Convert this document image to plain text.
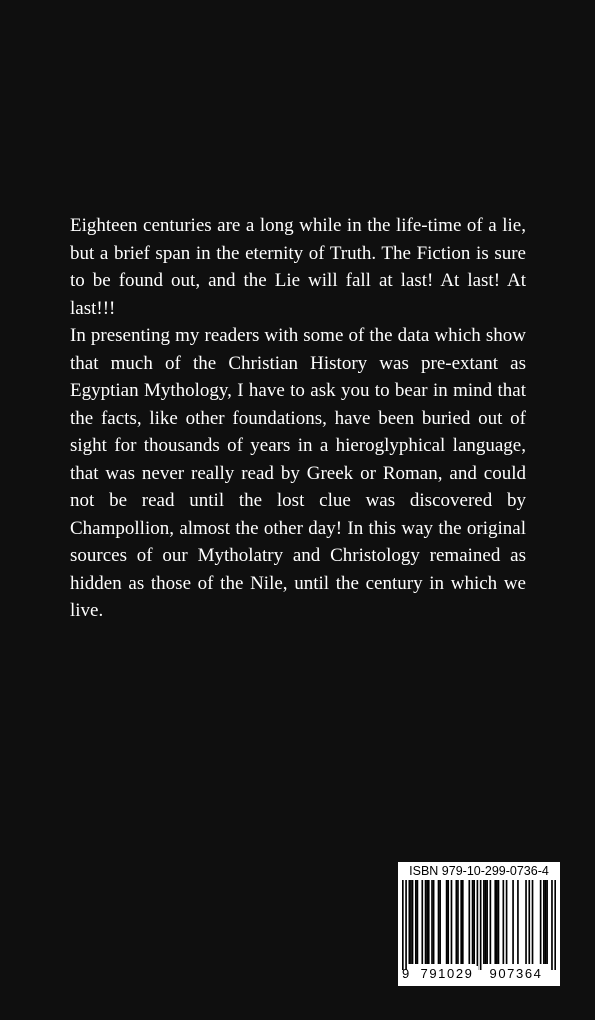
Eighteen centuries are a long while in the life-time of a lie, but a brief span in the eternity of Truth. The Fiction is sure to be found out, and the Lie will fall at last! At last! At last!!!

In presenting my readers with some of the data which show that much of the Christian History was pre-extant as Egyptian Mythology, I have to ask you to bear in mind that the facts, like other foundations, have been buried out of sight for thousands of years in a hieroglyphical language, that was never really read by Greek or Roman, and could not be read until the lost clue was discovered by Champollion, almost the other day! In this way the original sources of our Mytholatry and Christology remained as hidden as those of the Nile, until the century in which we live.

ISBN 979-10-299-0736-4
9 791029	907364
